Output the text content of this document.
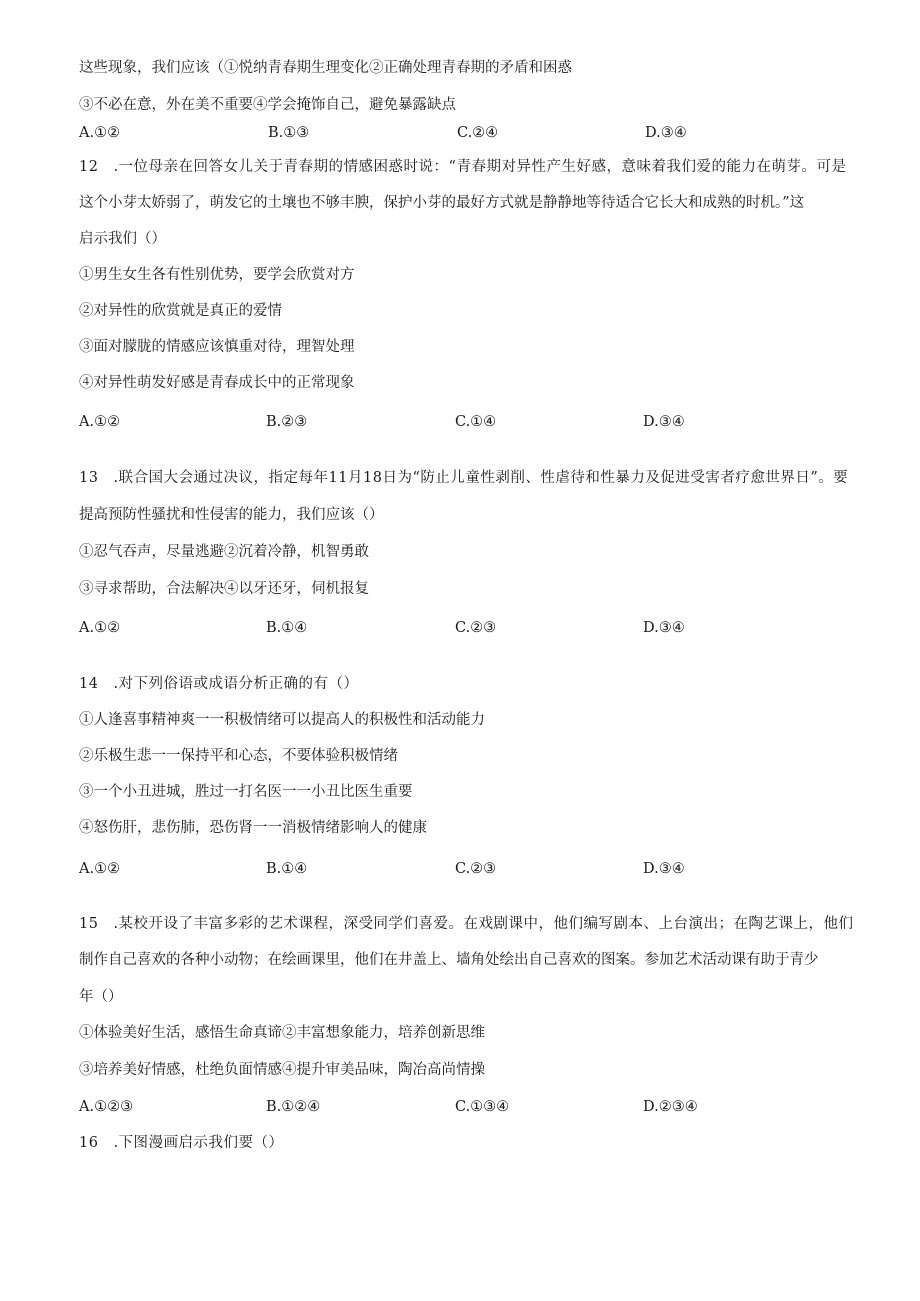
这些现象，我们应该（①悦纳青春期生理变化②正确处理青春期的矛盾和困惑
③不必在意，外在美不重要④学会掩饰自己，避免暴露缺点
A.①②	B.①③	C.②④	D.③④
12　.一位母亲在回答女儿关于青春期的情感困惑时说：“青春期对异性产生好感，意味着我们爱的能力在萌芽。可是
这个小芽太娇弱了，萌发它的土壤也不够丰腴，保护小芽的最好方式就是静静地等待适合它长大和成熟的时机。”这
启示我们（）
①男生女生各有性别优势，要学会欣赏对方
②对异性的欣赏就是真正的爱情
③面对朦胧的情感应该慎重对待，理智处理
④对异性萌发好感是青春成长中的正常现象
A.①②	B.②③	C.①④	D.③④
13　.联合国大会通过决议，指定每年11月18日为“防止儿童性剥削、性虐待和性暴力及促进受害者疗愈世界日”。要
提高预防性骚扰和性侵害的能力，我们应该（）
①忍气吞声，尽量逃避②沉着冷静，机智勇敢
③寻求帮助，合法解决④以牙还牙，伺机报复
A.①②	B.①④	C.②③	D.③④
14　.对下列俗语或成语分析正确的有（）
①人逢喜事精神爽一一积极情绪可以提高人的积极性和活动能力
②乐极生悲一一保持平和心态，不要体验积极情绪
③一个小丑进城，胜过一打名医一一小丑比医生重要
④怒伤肝，悲伤肺，恐伤肾一一消极情绪影响人的健康
A.①②	B.①④	C.②③	D.③④
15　.某校开设了丰富多彩的艺术课程，深受同学们喜爱。在戏剧课中，他们编写剧本、上台演出；在陶艺课上，他们
制作自己喜欢的各种小动物；在绘画课里，他们在井盖上、墙角处绘出自己喜欢的图案。参加艺术活动课有助于青少
年（）
①体验美好生活，感悟生命真谛②丰富想象能力，培养创新思维
③培养美好情感，杜绝负面情感④提升审美品味，陶冶高尚情操
A.①②③	B.①②④	C.①③④	D.②③④
16　.下图漫画启示我们要（）
